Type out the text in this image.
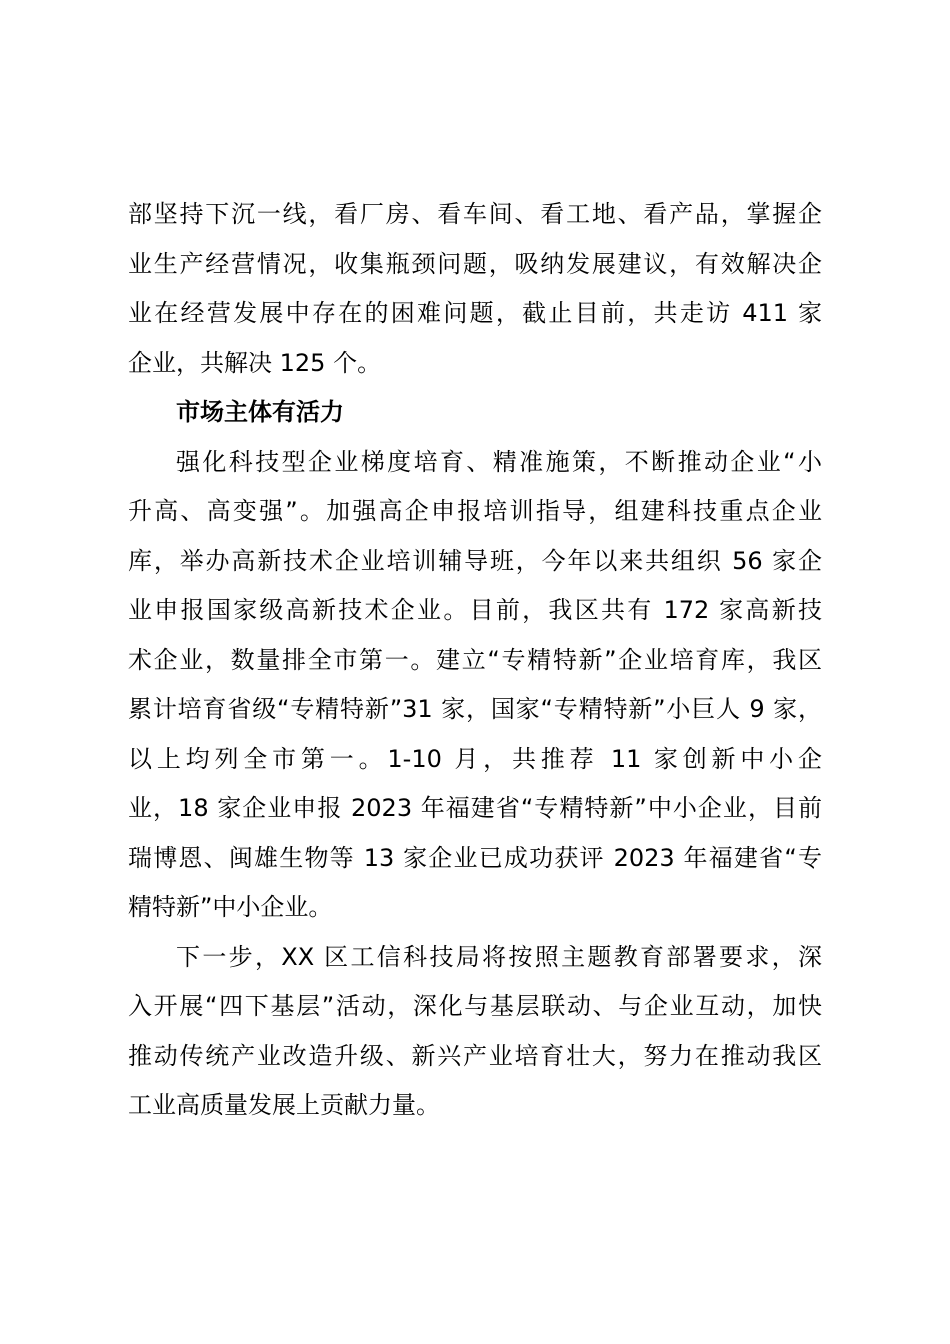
部坚持下沉一线，看厂房、看车间、看工地、看产品，掌握企
业生产经营情况，收集瓶颈问题，吸纳发展建议，有效解决企
业在经营发展中存在的困难问题，截止目前，共走访 411 家
企业，共解决 125 个。
市场主体有活力
强化科技型企业梯度培育、精准施策，不断推动企业“小
升高、高变强”。加强高企申报培训指导，组建科技重点企业
库，举办高新技术企业培训辅导班，今年以来共组织 56 家企
业申报国家级高新技术企业。目前，我区共有 172 家高新技
术企业，数量排全市第一。建立“专精特新”企业培育库，我区
累计培育省级“专精特新”31 家，国家“专精特新”小巨人 9 家，
以上均列全市第一。1-10 月，共推荐 11 家创新中小企
业，18 家企业申报 2023 年福建省“专精特新”中小企业，目前
瑞博恩、闽雄生物等 13 家企业已成功获评 2023 年福建省“专
精特新”中小企业。
下一步，XX 区工信科技局将按照主题教育部署要求，深
入开展“四下基层”活动，深化与基层联动、与企业互动，加快
推动传统产业改造升级、新兴产业培育壮大，努力在推动我区
工业高质量发展上贡献力量。
